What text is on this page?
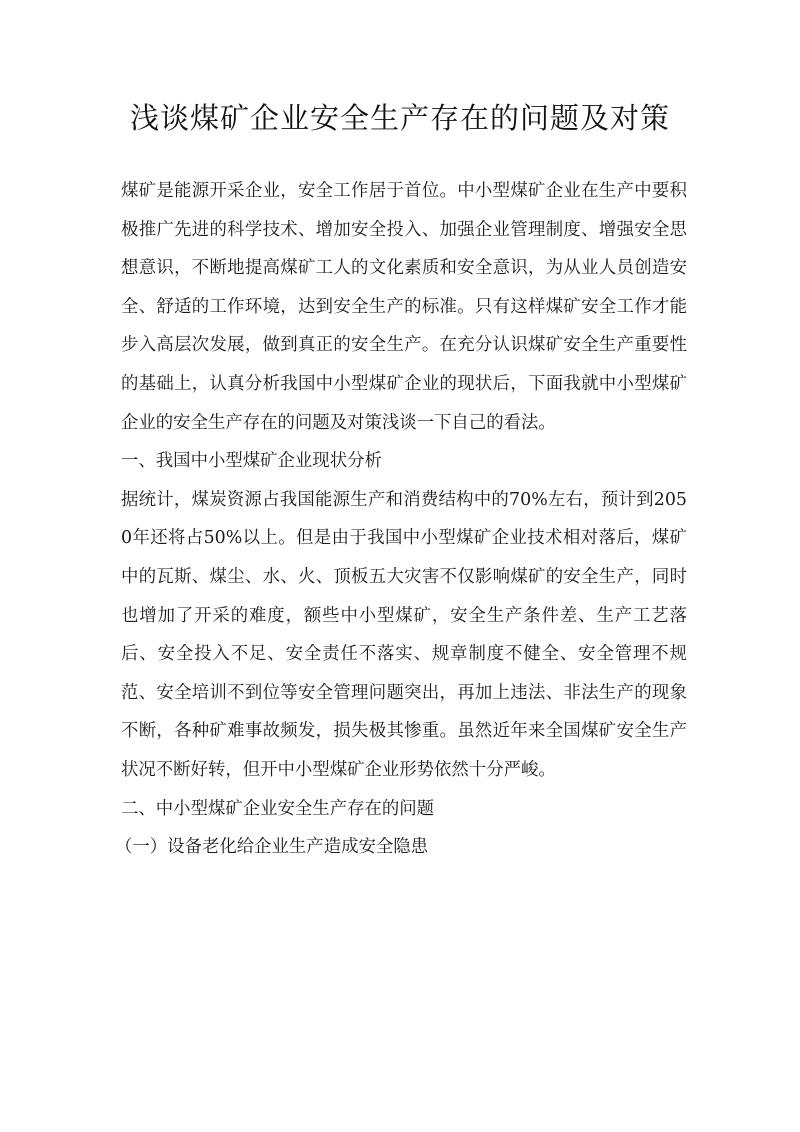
浅谈煤矿企业安全生产存在的问题及对策

煤矿是能源开采企业，安全工作居于首位。中小型煤矿企业在生产中要积极推广先进的科学技术、增加安全投入、加强企业管理制度、增强安全思想意识，不断地提高煤矿工人的文化素质和安全意识，为从业人员创造安全、舒适的工作环境，达到安全生产的标准。只有这样煤矿安全工作才能步入高层次发展，做到真正的安全生产。在充分认识煤矿安全生产重要性的基础上，认真分析我国中小型煤矿企业的现状后，下面我就中小型煤矿企业的安全生产存在的问题及对策浅谈一下自己的看法。

一、我国中小型煤矿企业现状分析

据统计，煤炭资源占我国能源生产和消费结构中的70%左右，预计到2050年还将占50%以上。但是由于我国中小型煤矿企业技术相对落后，煤矿中的瓦斯、煤尘、水、火、顶板五大灾害不仅影响煤矿的安全生产，同时也增加了开采的难度，额些中小型煤矿，安全生产条件差、生产工艺落后、安全投入不足、安全责任不落实、规章制度不健全、安全管理不规范、安全培训不到位等安全管理问题突出，再加上违法、非法生产的现象不断，各种矿难事故频发，损失极其惨重。虽然近年来全国煤矿安全生产状况不断好转，但开中小型煤矿企业形势依然十分严峻。

二、中小型煤矿企业安全生产存在的问题

（一）设备老化给企业生产造成安全隐患
